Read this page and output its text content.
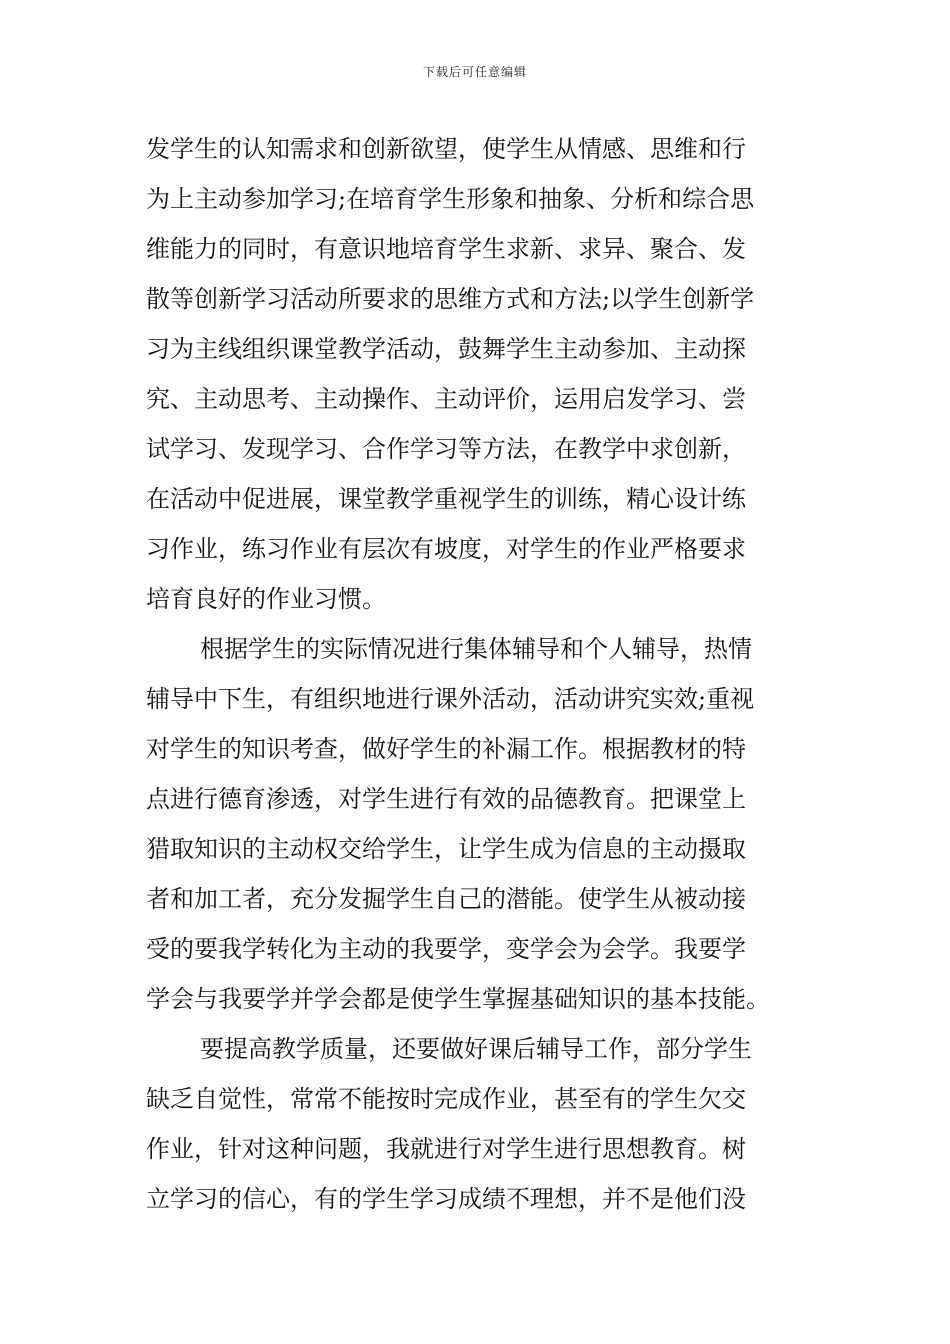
下载后可任意编辑
发学生的认知需求和创新欲望，使学生从情感、思维和行
为上主动参加学习;在培育学生形象和抽象、分析和综合思
维能力的同时，有意识地培育学生求新、求异、聚合、发
散等创新学习活动所要求的思维方式和方法;以学生创新学
习为主线组织课堂教学活动，鼓舞学生主动参加、主动探
究、主动思考、主动操作、主动评价，运用启发学习、尝
试学习、发现学习、合作学习等方法，在教学中求创新，
在活动中促进展，课堂教学重视学生的训练，精心设计练
习作业，练习作业有层次有坡度，对学生的作业严格要求
培育良好的作业习惯。
根据学生的实际情况进行集体辅导和个人辅导，热情
辅导中下生，有组织地进行课外活动，活动讲究实效;重视
对学生的知识考查，做好学生的补漏工作。根据教材的特
点进行德育渗透，对学生进行有效的品德教育。把课堂上
猎取知识的主动权交给学生，让学生成为信息的主动摄取
者和加工者，充分发掘学生自己的潜能。使学生从被动接
受的要我学转化为主动的我要学，变学会为会学。我要学
学会与我要学并学会都是使学生掌握基础知识的基本技能。
要提高教学质量，还要做好课后辅导工作，部分学生
缺乏自觉性，常常不能按时完成作业，甚至有的学生欠交
作业，针对这种问题，我就进行对学生进行思想教育。树
立学习的信心，有的学生学习成绩不理想，并不是他们没
